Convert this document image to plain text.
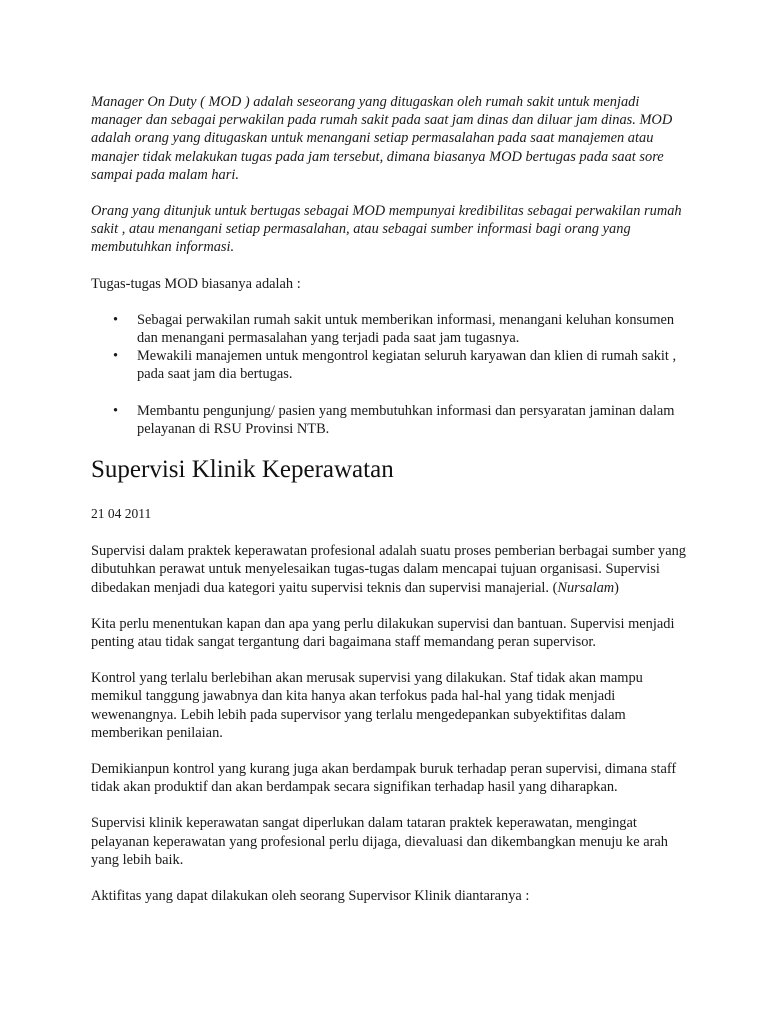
Manager On Duty ( MOD ) adalah seseorang yang ditugaskan oleh rumah sakit untuk menjadi manager dan sebagai perwakilan pada rumah sakit pada saat jam dinas dan diluar jam dinas. MOD adalah orang yang ditugaskan untuk menangani setiap permasalahan pada saat manajemen atau manajer tidak melakukan tugas pada jam tersebut, dimana biasanya MOD bertugas pada saat sore sampai pada malam hari.

Orang yang ditunjuk untuk bertugas sebagai MOD mempunyai kredibilitas sebagai perwakilan rumah sakit , atau menangani setiap permasalahan, atau sebagai sumber informasi bagi orang yang membutuhkan informasi.

Tugas-tugas MOD biasanya adalah :

• Sebagai perwakilan rumah sakit untuk memberikan informasi, menangani keluhan konsumen dan menangani permasalahan yang terjadi pada saat jam tugasnya.
• Mewakili manajemen untuk mengontrol kegiatan seluruh karyawan dan klien di rumah sakit , pada saat jam dia bertugas.
• Membantu pengunjung/ pasien yang membutuhkan informasi dan persyaratan jaminan dalam pelayanan di RSU Provinsi NTB.
Supervisi Klinik Keperawatan

21 04 2011

Supervisi dalam praktek keperawatan profesional adalah suatu proses pemberian berbagai sumber yang dibutuhkan perawat untuk menyelesaikan tugas-tugas dalam mencapai tujuan organisasi. Supervisi dibedakan menjadi dua kategori yaitu supervisi teknis dan supervisi manajerial. (Nursalam)

Kita perlu menentukan kapan dan apa yang perlu dilakukan supervisi dan bantuan. Supervisi menjadi penting atau tidak sangat tergantung dari bagaimana staff memandang peran supervisor.

Kontrol yang terlalu berlebihan akan merusak supervisi yang dilakukan. Staf tidak akan mampu memikul tanggung jawabnya dan kita hanya akan terfokus pada hal-hal yang tidak menjadi wewenangnya. Lebih lebih pada supervisor yang terlalu mengedepankan subyektifitas dalam memberikan penilaian.

Demikianpun kontrol yang kurang juga akan berdampak buruk terhadap peran supervisi, dimana staff tidak akan produktif dan akan berdampak secara signifikan terhadap hasil yang diharapkan.

Supervisi klinik keperawatan sangat diperlukan dalam tataran praktek keperawatan, mengingat pelayanan keperawatan yang profesional perlu dijaga, dievaluasi dan dikembangkan menuju ke arah yang lebih baik.

Aktifitas yang dapat dilakukan oleh seorang Supervisor Klinik diantaranya :
